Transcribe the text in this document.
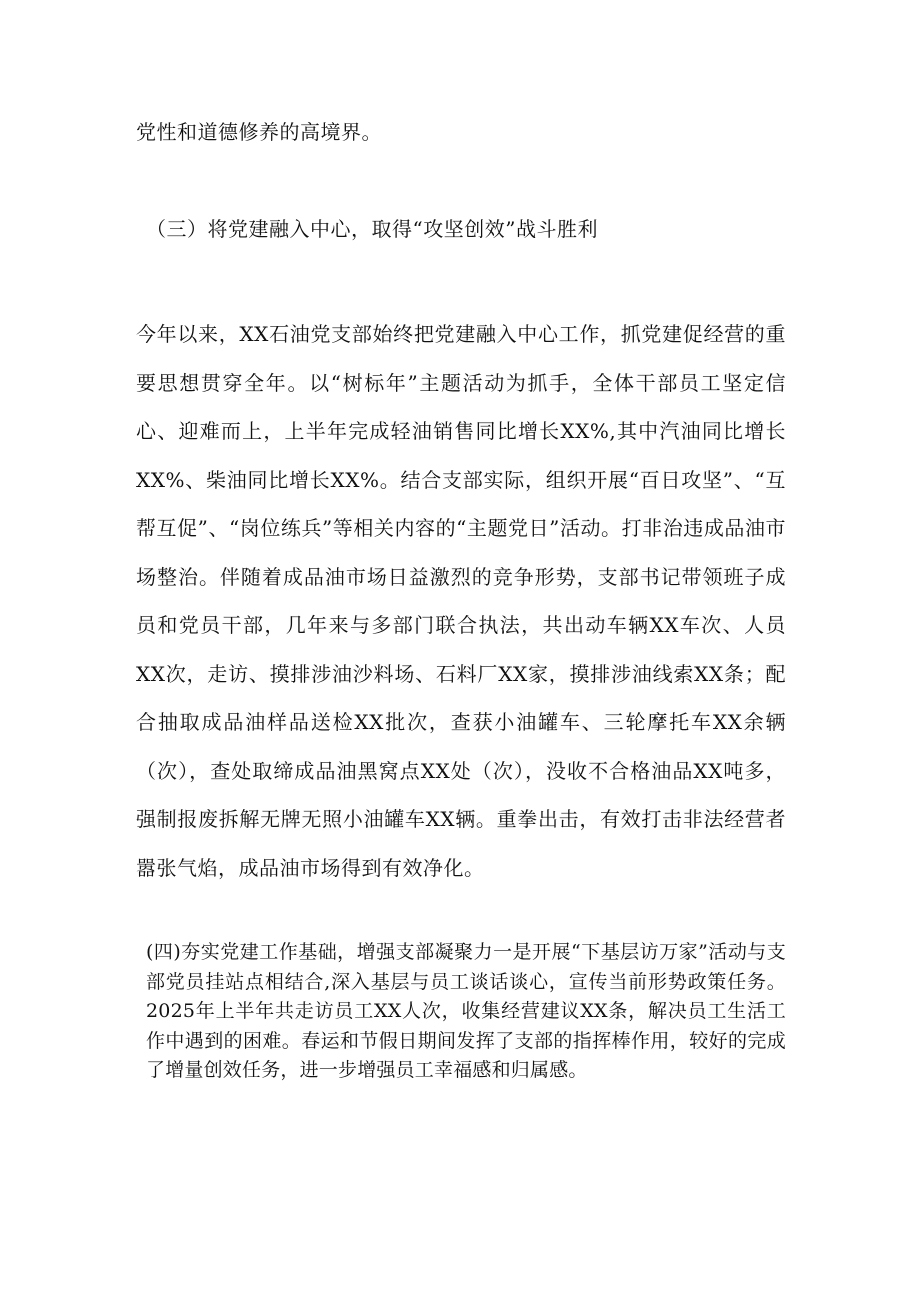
党性和道德修养的高境界。

（三）将党建融入中心，取得“攻坚创效”战斗胜利

今年以来，XX石油党支部始终把党建融入中心工作，抓党建促经营的重要思想贯穿全年。以“树标年”主题活动为抓手，全体干部员工坚定信心、迎难而上，上半年完成轻油销售同比增长XX%,其中汽油同比增长XX%、柴油同比增长XX%。结合支部实际，组织开展“百日攻坚”、“互帮互促”、“岗位练兵”等相关内容的“主题党日”活动。打非治违成品油市场整治。伴随着成品油市场日益激烈的竞争形势，支部书记带领班子成员和党员干部，几年来与多部门联合执法，共出动车辆XX车次、人员XX次，走访、摸排涉油沙料场、石料厂XX家，摸排涉油线索XX条；配合抽取成品油样品送检XX批次，查获小油罐车、三轮摩托车XX余辆（次），查处取缔成品油黑窝点XX处（次），没收不合格油品XX吨多，强制报废拆解无牌无照小油罐车XX辆。重拳出击，有效打击非法经营者嚣张气焰，成品油市场得到有效净化。

(四)夯实党建工作基础，增强支部凝聚力一是开展“下基层访万家”活动与支部党员挂站点相结合,深入基层与员工谈话谈心，宣传当前形势政策任务。2025年上半年共走访员工XX人次，收集经营建议XX条，解决员工生活工作中遇到的困难。春运和节假日期间发挥了支部的指挥棒作用，较好的完成了增量创效任务，进一步增强员工幸福感和归属感。
